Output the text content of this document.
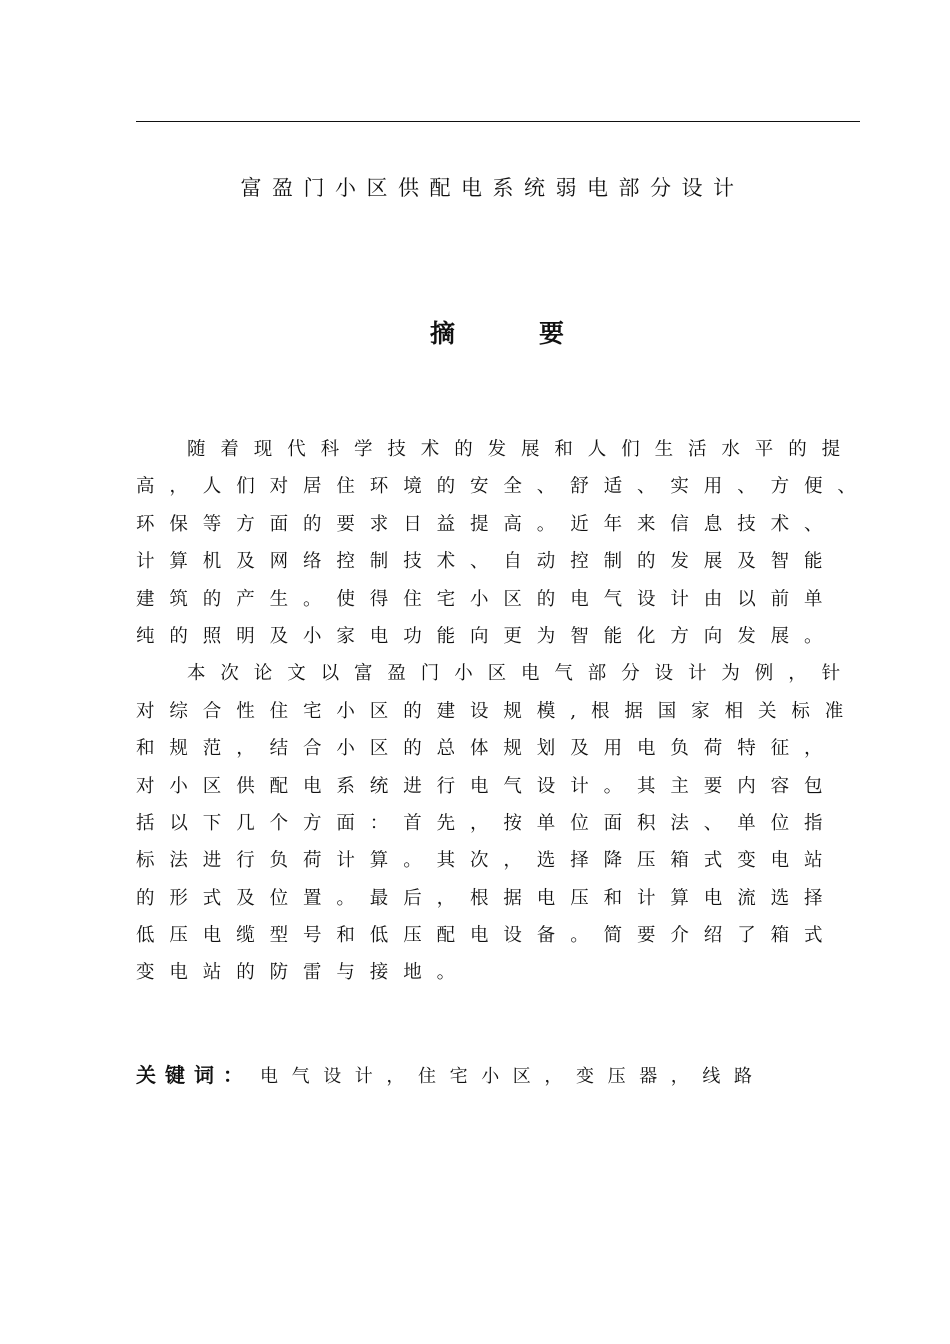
富盈门小区供配电系统弱电部分设计
摘要
随着现代科学技术的发展和人们生活水平的提
高，人们对居住环境的安全、舒适、实用、方便、
环保等方面的要求日益提高。近年来信息技术、
计算机及网络控制技术、自动控制的发展及智能
建筑的产生。使得住宅小区的电气设计由以前单
纯的照明及小家电功能向更为智能化方向发展。
本次论文以富盈门小区电气部分设计为例，针
对综合性住宅小区的建设规模,根据国家相关标准
和规范，结合小区的总体规划及用电负荷特征，
对小区供配电系统进行电气设计。其主要内容包
括以下几个方面：首先，按单位面积法、单位指
标法进行负荷计算。其次，选择降压箱式变电站
的形式及位置。最后，根据电压和计算电流选择
低压电缆型号和低压配电设备。简要介绍了箱式
变电站的防雷与接地。
关键词： 电气设计，住宅小区，变压器，线路
